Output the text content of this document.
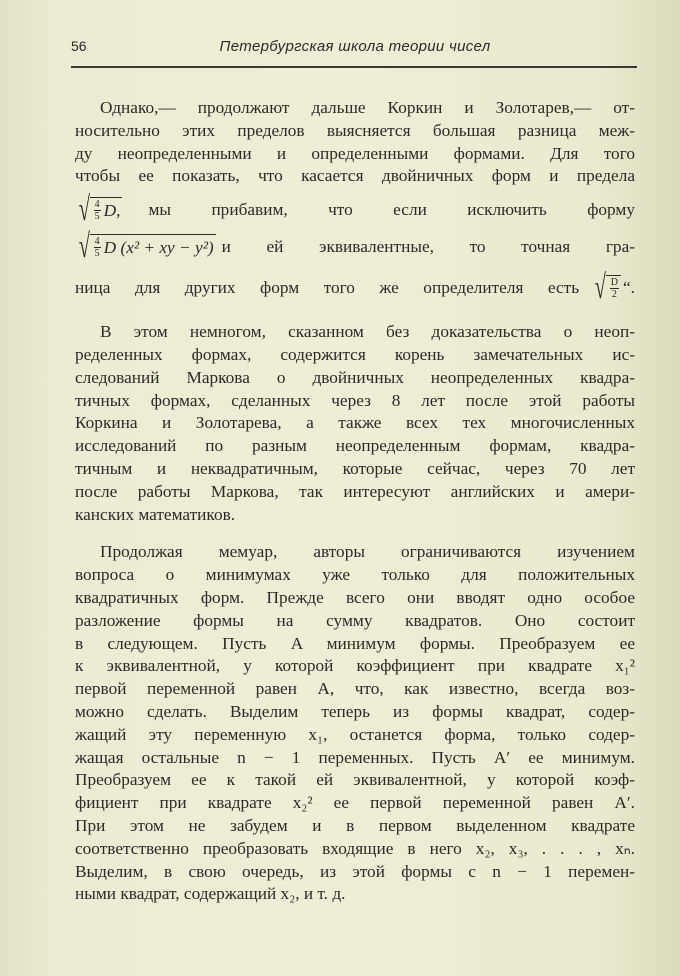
56	Петербургская школа теории чисел
Однако,— продолжают дальше Коркин и Золотарев,— от-
носительно этих пределов выясняется большая разница меж-
ду неопределенными и определенными формами. Для того
чтобы ее показать, что касается двойничных форм и предела
√ $\frac{4}{5} D$,	мы прибавим, что если исключить форму
√ $\frac{4}{5}$ D (x² + xy − y²) и ей эквивалентные, то точная гра-
ница для других форм того же определителя есть √ $\frac{D}{2}$ “.
В этом немногом, сказанном без доказательства о неоп-
ределенных формах, содержится корень замечательных ис-
следований Маркова о двойничных неопределенных квадра-
тичных формах, сделанных через 8 лет после этой работы
Коркина и Золотарева, а также всех тех многочисленных
исследований по разным неопределенным формам, квадра-
тичным и неквадратичным, которые сейчас, через 70 лет
после работы Маркова, так интересуют английских и амери-
канских математиков.
Продолжая мемуар, авторы ограничиваются изучением
вопроса о минимумах уже только для положительных
квадратичных форм. Прежде всего они вводят одно особое
разложение формы на сумму квадратов. Оно состоит
в следующем. Пусть A минимум формы. Преобразуем ее
к эквивалентной, у которой коэффициент при квадрате x₁²
первой переменной равен A, что, как известно, всегда воз-
можно сделать. Выделим теперь из формы квадрат, содер-
жащий эту переменную x₁, останется форма, только содер-
жащая остальные n − 1 переменных. Пусть A′ ее минимум.
Преобразуем ее к такой ей эквивалентной, у которой коэф-
фициент при квадрате x₂² ее первой переменной равен A′.
При этом не забудем и в первом выделенном квадрате
соответственно преобразовать входящие в него x₂, x₃, . . . , xₙ.
Выделим, в свою очередь, из этой формы с n − 1 перемен-
ными квадрат, содержащий x₂, и т. д.
